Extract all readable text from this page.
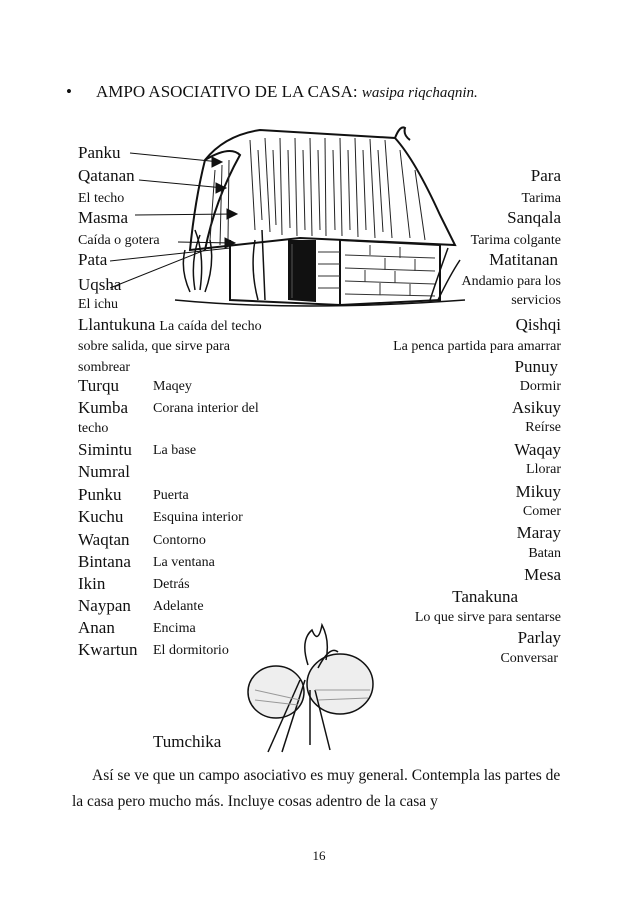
• AMPO ASOCIATIVO DE LA CASA: wasipa riqchaqnin.
Panku
Qatanan
El techo
Masma
Caída o gotera
Pata
Uqsha
El ichu
Llantukuna La caída del techo
sobre salida, que sirve para
sombrear
Turqu Maqey
Kumba Corana interior del
techo
Simintu La base
Numral
Punku Puerta
Kuchu Esquina interior
Waqtan Contorno
Bintana La ventana
Ikin	Detrás
Naypan Adelante
Anan	Encima
Kwartun El dormitorio
Tumchika
Para
Tarima
Sanqala
Tarima colgante
Matitanan
Andamio para los
servicios
Qishqi
La penca partida para amarrar
Punuy
Dormir
Asikuy
Reírse
Waqay
Llorar
Mikuy
Comer
Maray
Batan
Mesa
Tanakuna
Lo que sirve para sentarse
Parlay
Conversar
Así se ve que un campo asociativo es muy general. Contempla las partes de la casa pero mucho más. Incluye cosas adentro de la casa y
16
